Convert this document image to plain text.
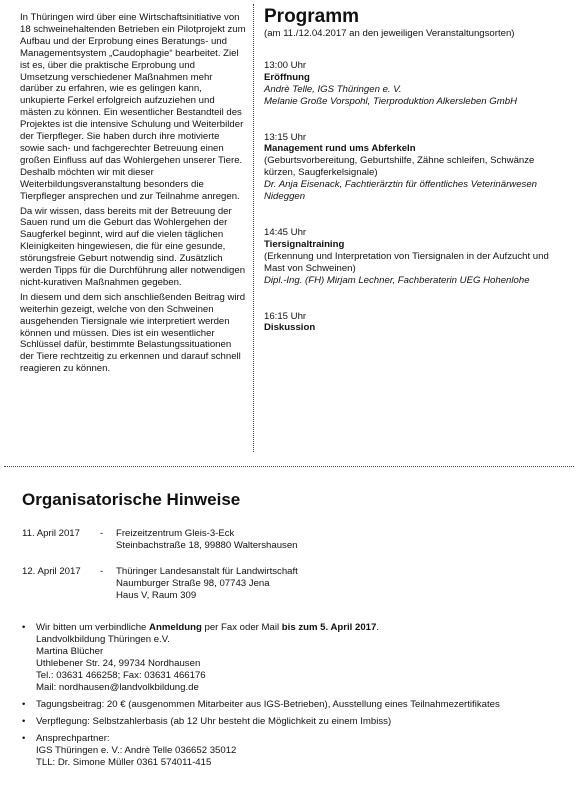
In Thüringen wird über eine Wirtschaftsinitiative von 18 schweinehaltenden Betrieben ein Pilotprojekt zum Aufbau und der Erprobung eines Beratungs- und Managementsystem „Caudophagie“ bearbeitet. Ziel ist es, über die praktische Erprobung und Umsetzung verschiedener Maßnahmen mehr darüber zu erfahren, wie es gelingen kann, unkupierte Ferkel erfolgreich aufzuziehen und mästen zu können. Ein wesentlicher Bestandteil des Projektes ist die intensive Schulung und Weiterbilder der Tierpfleger. Sie haben durch ihre motivierte sowie sach- und fachgerechter Betreuung einen großen Einfluss auf das Wohlergehen unserer Tiere. Deshalb möchten wir mit dieser Weiterbildungsveranstaltung besonders die Tierpfleger ansprechen und zur Teilnahme anregen.

Da wir wissen, dass bereits mit der Betreuung der Sauen rund um die Geburt das Wohlergehen der Saugferkel beginnt, wird auf die vielen täglichen Kleinigkeiten hingewiesen, die für eine gesunde, störungsfreie Geburt notwendig sind. Zusätzlich werden Tipps für die Durchführung aller notwendigen nicht-kurativen Maßnahmen gegeben.

In diesem und dem sich anschließenden Beitrag wird weiterhin gezeigt, welche von den Schweinen ausgehenden Tiersignale wie interpretiert werden können und müssen. Dies ist ein wesentlicher Schlüssel dafür, bestimmte Belastungssituationen der Tiere rechtzeitig zu erkennen und darauf schnell reagieren zu können.

Programm

(am 11./12.04.2017 an den jeweiligen Veranstaltungsorten)

13:00 Uhr

Eröffnung

Andrè Telle, IGS Thüringen e. V.
Melanie Große Vorspohl, Tierproduktion Alkersleben GmbH

13:15 Uhr

Management rund ums Abferkeln

(Geburtsvorbereitung, Geburtshilfe, Zähne schleifen, Schwänze kürzen, Saugferkelsignale)

Dr. Anja Eisenack, Fachtierärztin für öffentliches Veterinärwesen Nideggen

14:45 Uhr

Tiersignaltraining

(Erkennung und Interpretation von Tiersignalen in der Aufzucht und Mast von Schweinen)

Dipl.-Ing. (FH) Mirjam Lechner, Fachberaterin UEG Hohenlohe

16:15 Uhr

Diskussion

Organisatorische Hinweise
11. April 2017	-	Freizeitzentrum Gleis-3-Eck
Steinbachstraße 18, 99880 Waltershausen
12. April 2017	-	Thüringer Landesanstalt für Landwirtschaft
Naumburger Straße 98, 07743 Jena
Haus V, Raum 309
• Wir bitten um verbindliche Anmeldung per Fax oder Mail bis zum 5. April 2017.
Landvolkbildung Thüringen e.V.
Martina Blücher
Uthlebener Str. 24, 99734 Nordhausen
Tel.: 03631 466258; Fax: 03631 466176
Mail: nordhausen@landvolkbildung.de
• Tagungsbeitrag: 20 € (ausgenommen Mitarbeiter aus IGS-Betrieben), Ausstellung eines Teilnahmezertifikates
• Verpflegung: Selbstzahlerbasis (ab 12 Uhr besteht die Möglichkeit zu einem Imbiss)
• Ansprechpartner:
IGS Thüringen e. V.: Andrè Telle 036652 35012
TLL: Dr. Simone Müller 0361 574011-415
